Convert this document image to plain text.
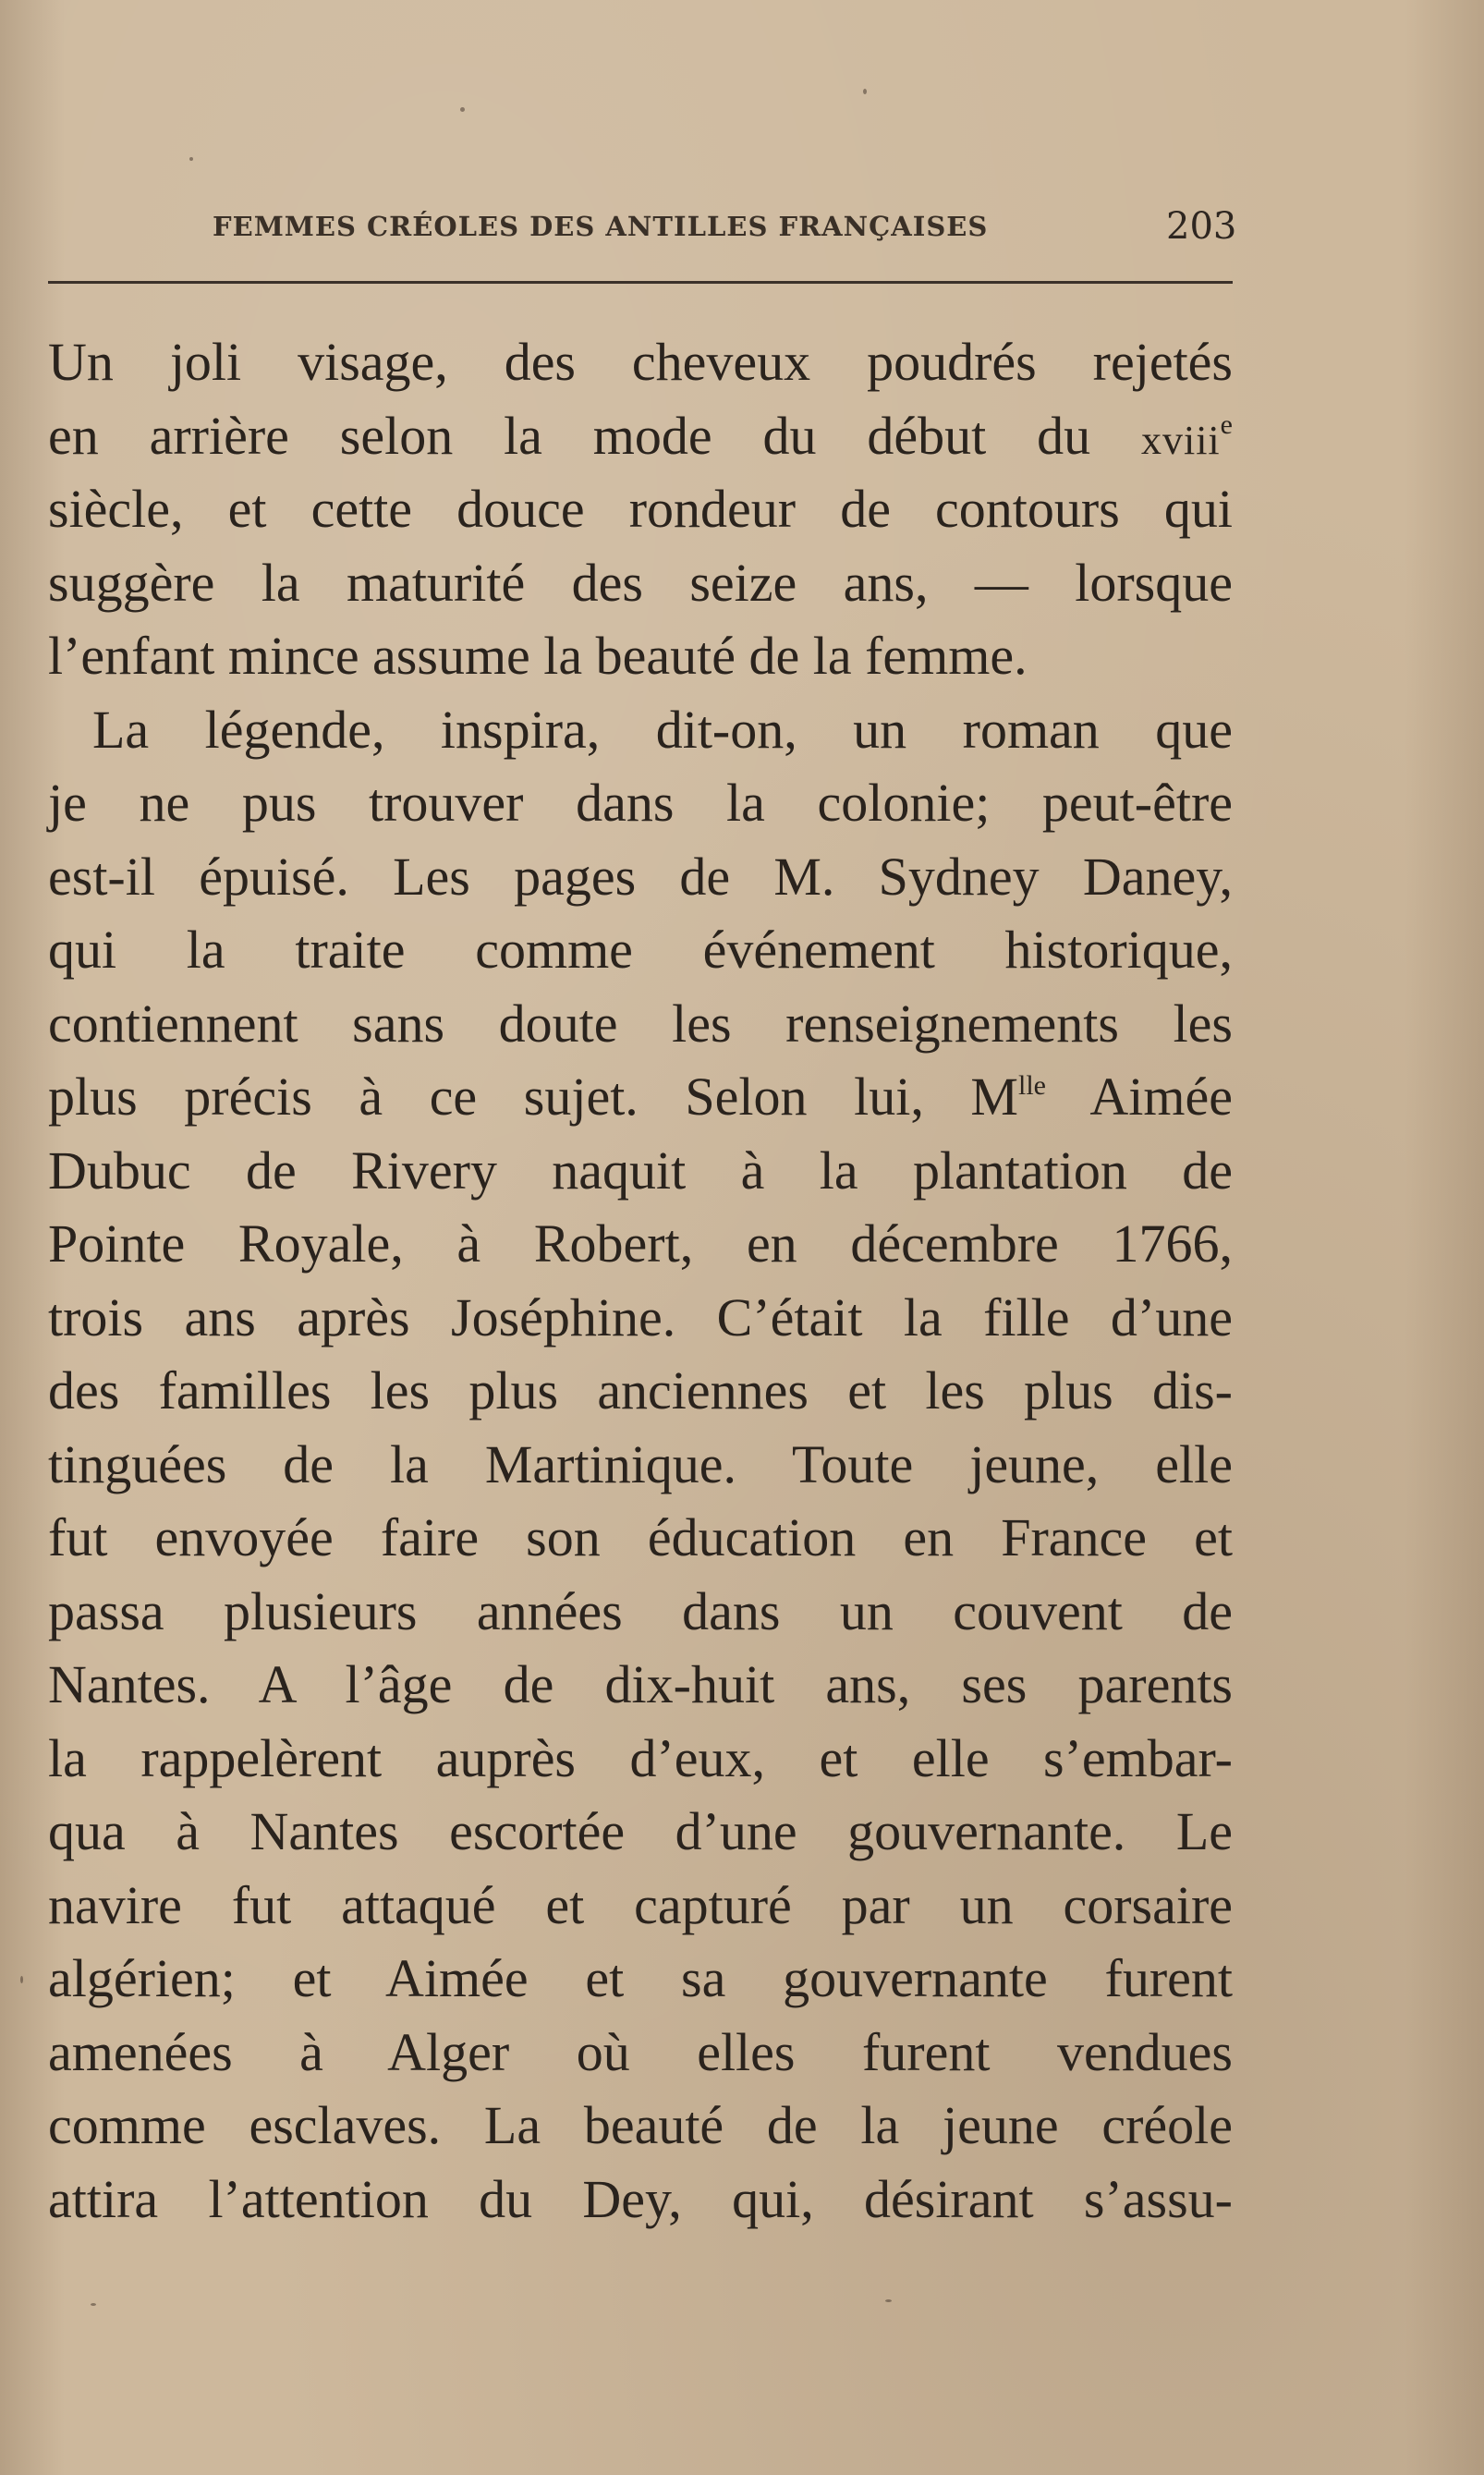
FEMMES CRÉOLES DES ANTILLES FRANÇAISES	203
Un joli visage, des cheveux poudrés rejetés
en arrière selon la mode du début du xviii$^e$
siècle, et cette douce rondeur de contours qui
suggère la maturité des seize ans, — lorsque
l’enfant mince assume la beauté de la femme.
La légende, inspira, dit-on, un roman que
je ne pus trouver dans la colonie; peut-être
est-il épuisé. Les pages de M. Sydney Daney,
qui la traite comme événement historique,
contiennent sans doute les renseignements les
plus précis à ce sujet. Selon lui, $M^{lle}$ Aimée
Dubuc de Rivery naquit à la plantation de
Pointe Royale, à Robert, en décembre 1766,
trois ans après Joséphine. C’était la fille d’une
des familles les plus anciennes et les plus dis-
tinguées de la Martinique. Toute jeune, elle
fut envoyée faire son éducation en France et
passa plusieurs années dans un couvent de
Nantes. A l’âge de dix-huit ans, ses parents
la rappelèrent auprès d’eux, et elle s’embar-
qua à Nantes escortée d’une gouvernante. Le
navire fut attaqué et capturé par un corsaire
algérien; et Aimée et sa gouvernante furent
amenées à Alger où elles furent vendues
comme esclaves. La beauté de la jeune créole
attira l’attention du Dey, qui, désirant s’assu-
